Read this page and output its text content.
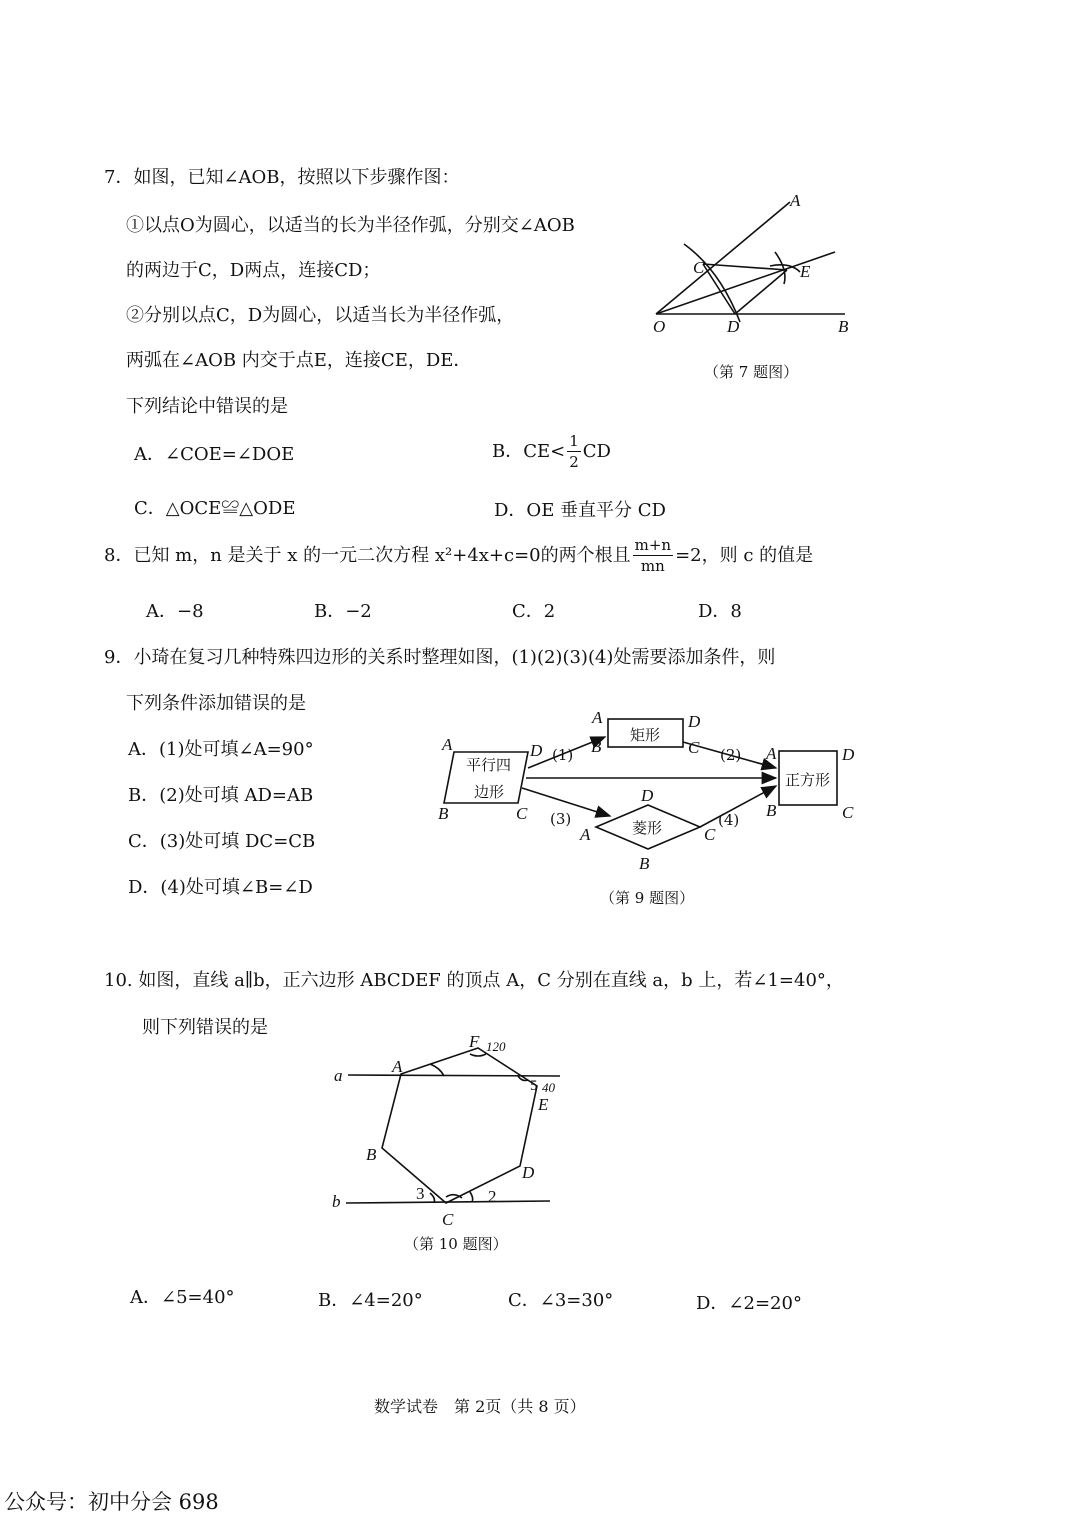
7．如图，已知∠AOB，按照以下步骤作图：
①以点O为圆心，以适当的长为半径作弧，分别交∠AOB
的两边于C，D两点，连接CD；
②分别以点C，D为圆心，以适当长为半径作弧，
两弧在∠AOB 内交于点E，连接CE，DE．
下列结论中错误的是
A．∠COE=∠DOE	B．$CE< \frac{1}{2}$ CD
C．△OCE≌△ODE	D．OE 垂直平分 CD
A
C	E
O	D	B
（第 7 题图）
8．已知 m，n 是关于 x 的一元二次方程 x²+4x+c=0的两个根且 $\frac{m+n}{mn} =2$，则 c 的值是
A．−8	B．−2	C．2	D．8
9．小琦在复习几种特殊四边形的关系时整理如图，(1)(2)(3)(4)处需要添加条件，则
下列条件添加错误的是
A．(1)处可填∠A=90°
B．(2)处可填 AD=AB
C．(3)处可填 DC=CB
D．(4)处可填∠B=∠D
平行四
边形
矩形
正方形
菱形
(1)	(2)
(3)	(4)
A	D
B	C
A	D
B	C	A	D
B	C
D
A	C
B
（第 9 题图）
10. 如图，直线 a∥b，正六边形 ABCDEF 的顶点 A，C 分别在直线 a，b 上，若∠1=40°，
则下列错误的是
a
b
A
F 120
E
5 40
B
D
C
3	2
（第 10 题图）
A．∠5=40°	B．∠4=20°	C．∠3=30°	D．∠2=20°
数学试卷　第 2页（共 8 页）
公众号：初中分会 698
